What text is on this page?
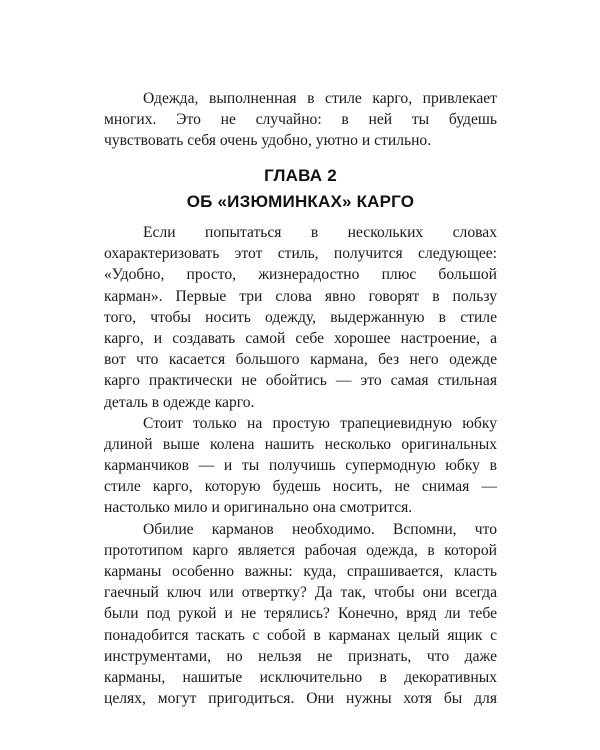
Одежда, выполненная в стиле карго, привлекает
многих. Это не случайно: в ней ты будешь
чувствовать себя очень удобно, уютно и стильно.
ГЛАВА 2
ОБ «ИЗЮМИНКАХ» КАРГО
Если попытаться в нескольких словах
охарактеризовать этот стиль, получится следующее:
«Удобно, просто, жизнерадостно плюс большой
карман». Первые три слова явно говорят в пользу
того, чтобы носить одежду, выдержанную в стиле
карго, и создавать самой себе хорошее настроение, а
вот что касается большого кармана, без него одежде
карго практически не обойтись — это самая стильная
деталь в одежде карго.
Стоит только на простую трапециевидную юбку
длиной выше колена нашить несколько оригинальных
карманчиков — и ты получишь супермодную юбку в
стиле карго, которую будешь носить, не снимая —
настолько мило и оригинально она смотрится.
Обилие карманов необходимо. Вспомни, что
прототипом карго является рабочая одежда, в которой
карманы особенно важны: куда, спрашивается, класть
гаечный ключ или отвертку? Да так, чтобы они всегда
были под рукой и не терялись? Конечно, вряд ли тебе
понадобится таскать с собой в карманах целый ящик с
инструментами, но нельзя не признать, что даже
карманы, нашитые исключительно в декоративных
целях, могут пригодиться. Они нужны хотя бы для
